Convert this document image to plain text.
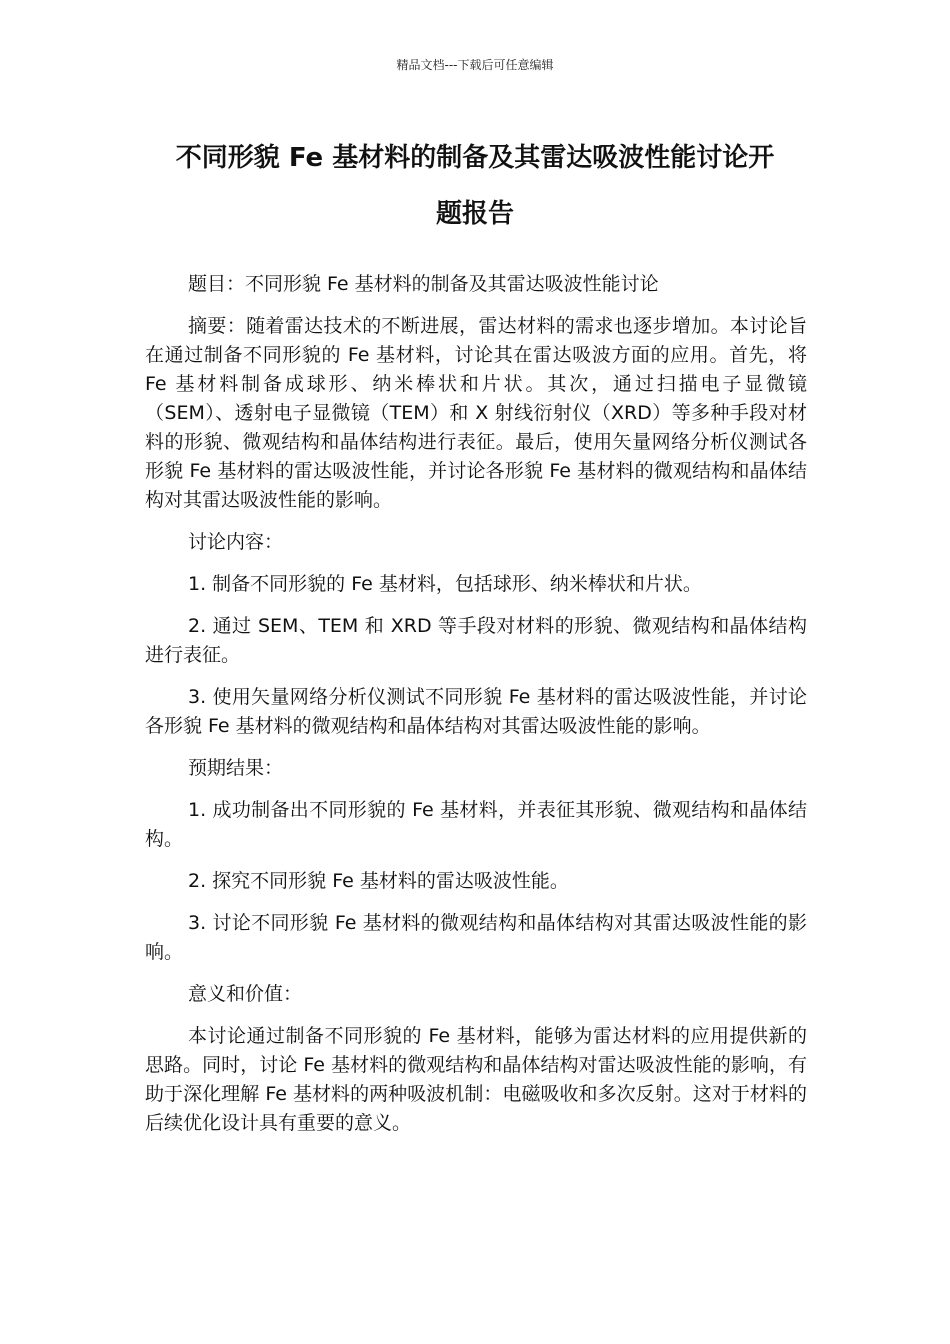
精品文档---下载后可任意编辑
不同形貌 Fe 基材料的制备及其雷达吸波性能讨论开
题报告

题目：不同形貌 Fe 基材料的制备及其雷达吸波性能讨论

摘要：随着雷达技术的不断进展，雷达材料的需求也逐步增加。本讨论旨在通过制备不同形貌的 Fe 基材料，讨论其在雷达吸波方面的应用。首先，将 Fe 基材料制备成球形、纳米棒状和片状。其次，通过扫描电子显微镜（SEM）、透射电子显微镜（TEM）和 X 射线衍射仪（XRD）等多种手段对材料的形貌、微观结构和晶体结构进行表征。最后，使用矢量网络分析仪测试各形貌 Fe 基材料的雷达吸波性能，并讨论各形貌 Fe 基材料的微观结构和晶体结构对其雷达吸波性能的影响。

讨论内容：

1. 制备不同形貌的 Fe 基材料，包括球形、纳米棒状和片状。

2. 通过 SEM、TEM 和 XRD 等手段对材料的形貌、微观结构和晶体结构进行表征。

3. 使用矢量网络分析仪测试不同形貌 Fe 基材料的雷达吸波性能，并讨论各形貌 Fe 基材料的微观结构和晶体结构对其雷达吸波性能的影响。

预期结果：

1. 成功制备出不同形貌的 Fe 基材料，并表征其形貌、微观结构和晶体结构。

2. 探究不同形貌 Fe 基材料的雷达吸波性能。

3. 讨论不同形貌 Fe 基材料的微观结构和晶体结构对其雷达吸波性能的影响。

意义和价值：

本讨论通过制备不同形貌的 Fe 基材料，能够为雷达材料的应用提供新的思路。同时，讨论 Fe 基材料的微观结构和晶体结构对雷达吸波性能的影响，有助于深化理解 Fe 基材料的两种吸波机制：电磁吸收和多次反射。这对于材料的后续优化设计具有重要的意义。
